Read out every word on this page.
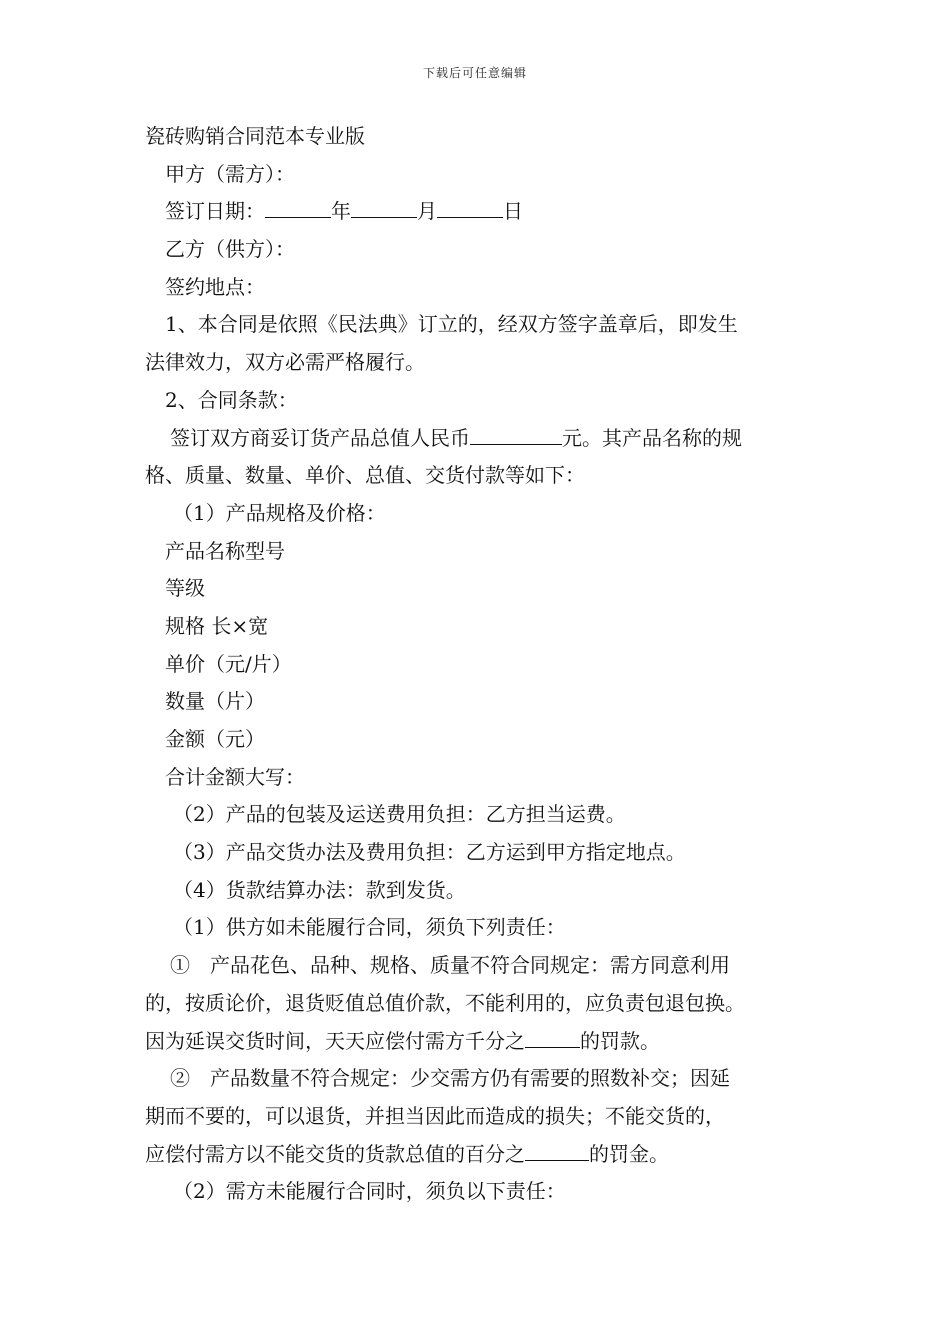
下载后可任意编辑
瓷砖购销合同范本专业版
甲方（需方）：
签订日期：	年	月	日
乙方（供方）：
签约地点：
1、本合同是依照《民法典》订立的，经双方签字盖章后，即发生
法律效力，双方必需严格履行。
2、合同条款：
签订双方商妥订货产品总值人民币	元。其产品名称的规
格、质量、数量、单价、总值、交货付款等如下：
（1）产品规格及价格：
产品名称型号
等级
规格 长×宽
单价（元/片）
数量（片）
金额（元）
合计金额大写：
（2）产品的包装及运送费用负担：乙方担当运费。
（3）产品交货办法及费用负担：乙方运到甲方指定地点。
（4）货款结算办法：款到发货。
（1）供方如未能履行合同，须负下列责任：
①　产品花色、品种、规格、质量不符合同规定：需方同意利用
的，按质论价，退货贬值总值价款，不能利用的，应负责包退包换。
因为延误交货时间，天天应偿付需方千分之	的罚款。
②　产品数量不符合规定：少交需方仍有需要的照数补交；因延
期而不要的，可以退货，并担当因此而造成的损失；不能交货的，
应偿付需方以不能交货的货款总值的百分之	的罚金。
（2）需方未能履行合同时，须负以下责任：
